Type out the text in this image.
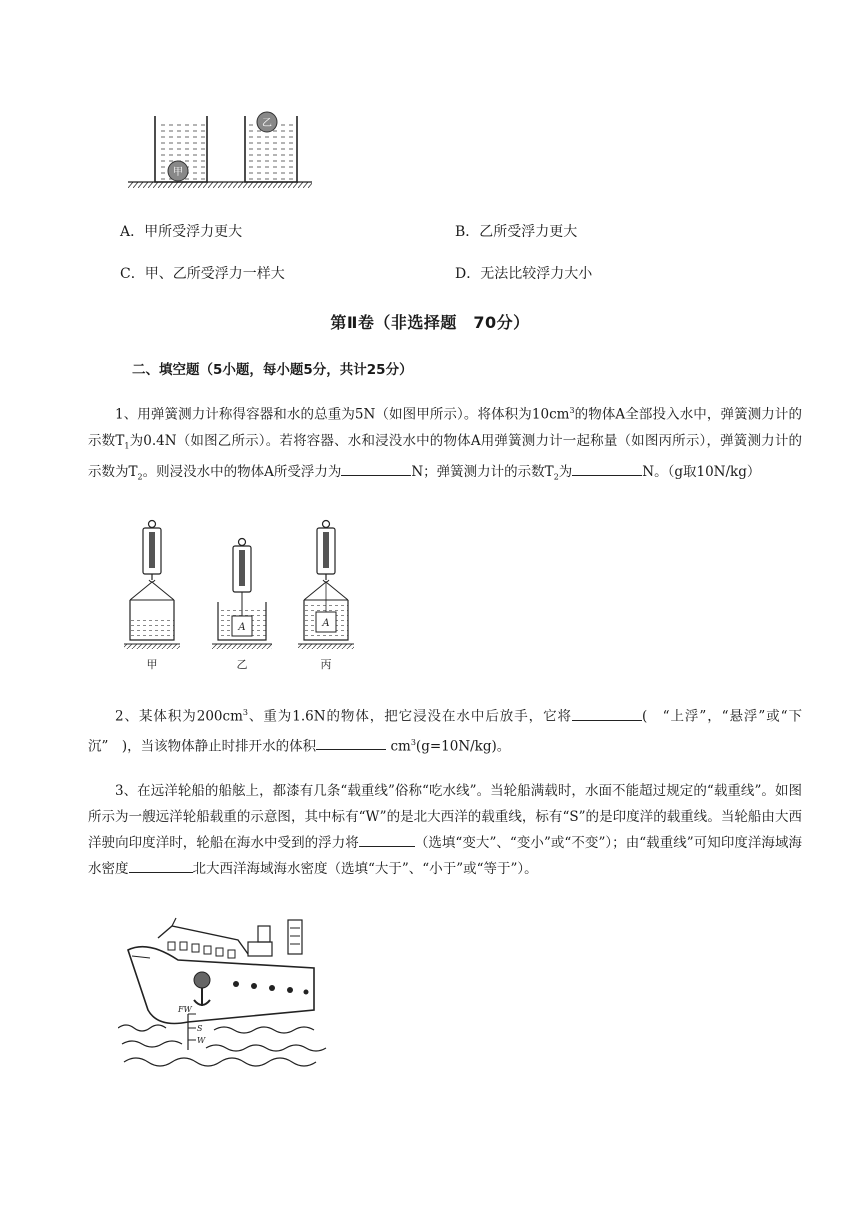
甲
乙
A．甲所受浮力更大	B．乙所受浮力更大
C．甲、乙所受浮力一样大	D．无法比较浮力大小
第Ⅱ卷（非选择题　70分）
二、填空题（5小题，每小题5分，共计25分）

1、用弹簧测力计称得容器和水的总重为5N（如图甲所示）。将体积为$10cm^3$的物体A全部投入水中，弹簧测力计的示数$T_1$为0.4N（如图乙所示）。若将容器、水和浸没水中的物体A用弹簧测力计一起称量（如图丙所示），弹簧测力计的示数为$T_2$。则浸没水中的物体A所受浮力为	N；弹簧测力计的示数$T_2$为	N。（g取10N/kg）

A	A
甲	乙	丙

2、某体积为$200cm^3$、重为1.6N的物体，把它浸没在水中后放手，它将	(　“上浮”，“悬浮”或“下沉”　)，当该物体静止时排开水的体积	$cm^3(g=10N/kg)$。

3、在远洋轮船的船舷上，都漆有几条“载重线”俗称“吃水线”。当轮船满载时，水面不能超过规定的“载重线”。如图所示为一艘远洋轮船载重的示意图，其中标有“W”的是北大西洋的载重线，标有“S”的是印度洋的载重线。当轮船由大西洋驶向印度洋时，轮船在海水中受到的浮力将	（选填“变大”、“变小”或“不变”）；由“载重线”可知印度洋海域海水密度	北大西洋海域海水密度（选填“大于”、“小于”或“等于”）。

FW
S
W
